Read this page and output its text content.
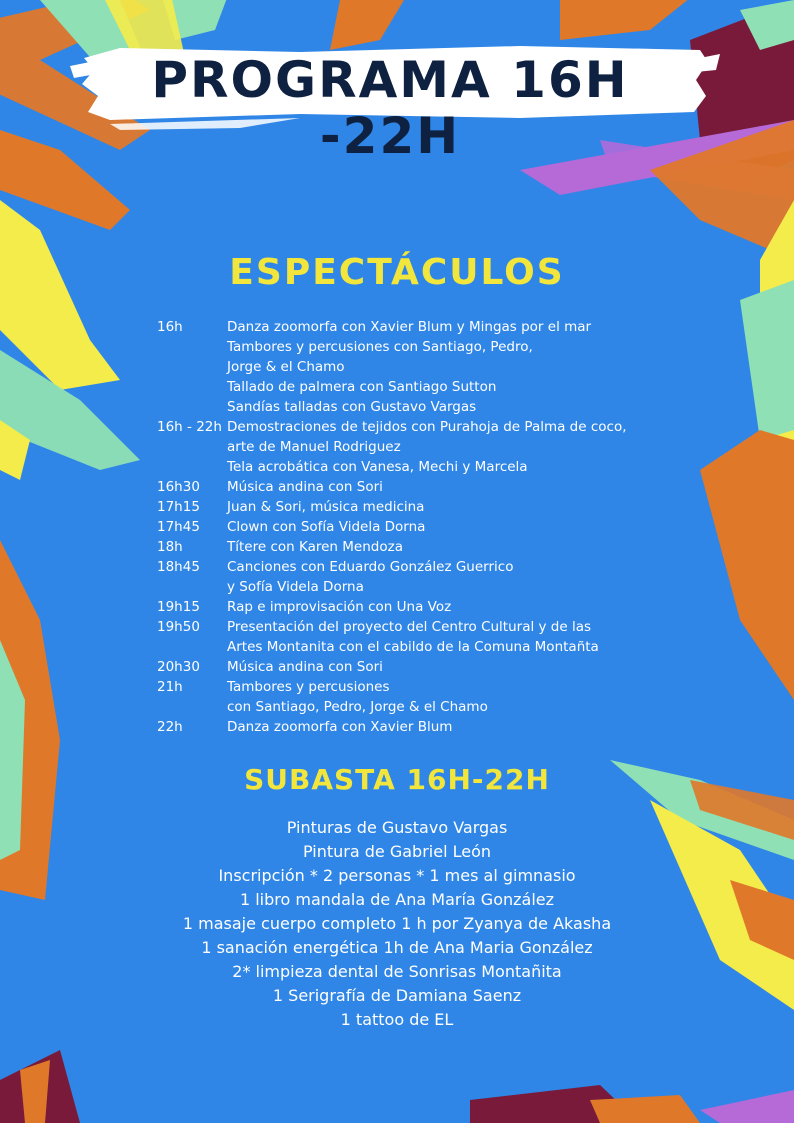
PROGRAMA 16H -22H
ESPECTÁCULOS
16h	Danza zoomorfa con Xavier Blum y Mingas por el mar
Tambores y percusiones con Santiago, Pedro,
Jorge & el Chamo
Tallado de palmera con Santiago Sutton
Sandías talladas con Gustavo Vargas
16h - 22h Demostraciones de tejidos con Purahoja de Palma de coco,
arte de Manuel Rodriguez
Tela acrobática con Vanesa, Mechi y Marcela
16h30	Música andina con Sori
17h15	Juan & Sori, música medicina
17h45	Clown con Sofía Videla Dorna
18h	Títere con Karen Mendoza
18h45	Canciones con Eduardo González Guerrico
y Sofía Videla Dorna
19h15	Rap e improvisación con Una Voz
19h50	Presentación del proyecto del Centro Cultural y de las
Artes Montanita con el cabildo de la Comuna Montañta
20h30	Música andina con Sori
21h	Tambores y percusiones
con Santiago, Pedro, Jorge & el Chamo
22h	Danza zoomorfa con Xavier Blum
SUBASTA 16H-22H
Pinturas de Gustavo Vargas
Pintura de Gabriel León
Inscripción * 2 personas * 1 mes al gimnasio
1 libro mandala de Ana María González
1 masaje cuerpo completo 1 h por Zyanya de Akasha
1 sanación energética 1h de Ana Maria González
2* limpieza dental de Sonrisas Montañita
1 Serigrafía de Damiana Saenz
1 tattoo de EL
